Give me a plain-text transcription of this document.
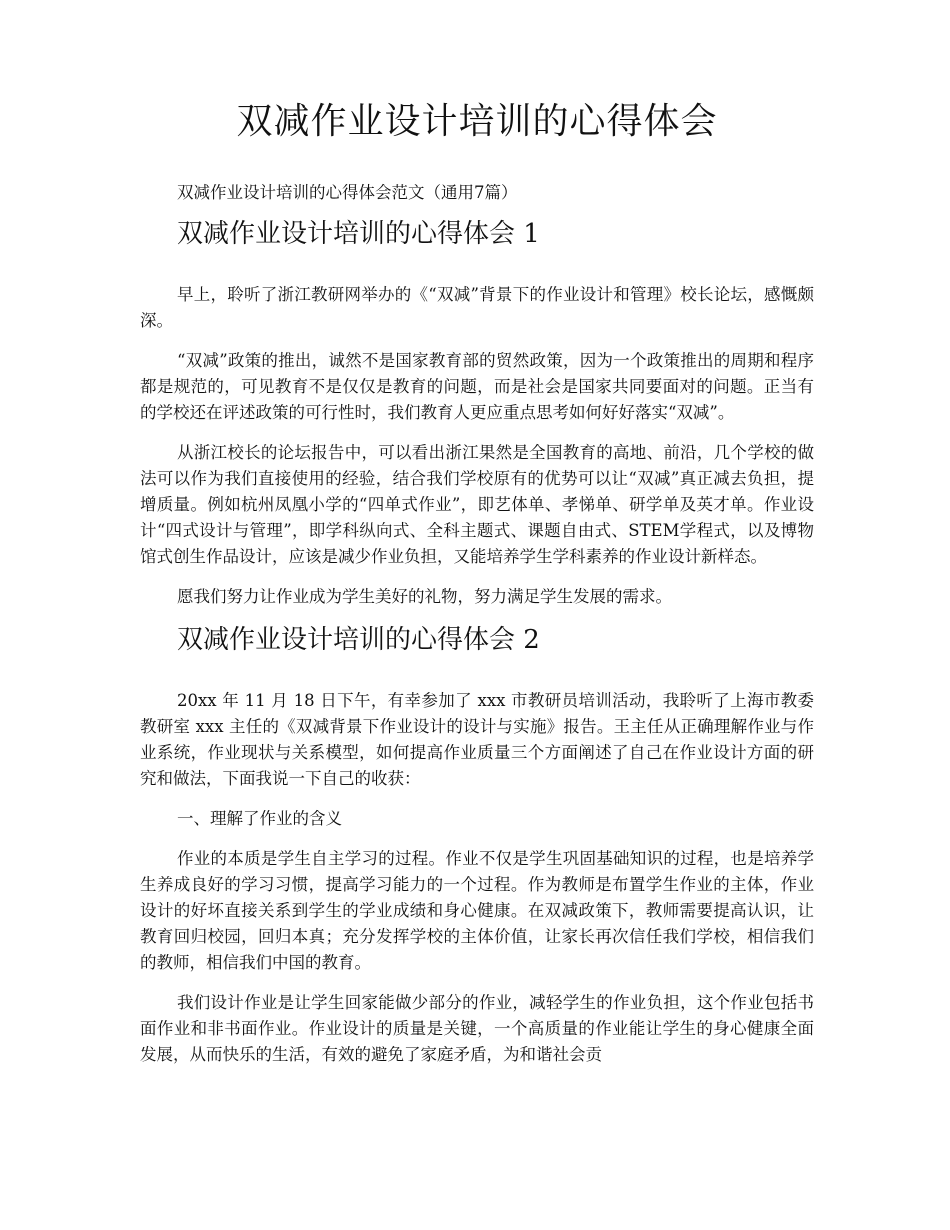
双减作业设计培训的心得体会

双减作业设计培训的心得体会范文（通用7篇）

双减作业设计培训的心得体会 1

早上，聆听了浙江教研网举办的《“双减”背景下的作业设计和管理》校长论坛，感慨颇深。

“双减”政策的推出，诚然不是国家教育部的贸然政策，因为一个政策推出的周期和程序都是规范的，可见教育不是仅仅是教育的问题，而是社会是国家共同要面对的问题。正当有的学校还在评述政策的可行性时，我们教育人更应重点思考如何好好落实“双减”。

从浙江校长的论坛报告中，可以看出浙江果然是全国教育的高地、前沿，几个学校的做法可以作为我们直接使用的经验，结合我们学校原有的优势可以让“双减”真正减去负担，提增质量。例如杭州凤凰小学的“四单式作业”，即艺体单、孝悌单、研学单及英才单。作业设计“四式设计与管理”，即学科纵向式、全科主题式、课题自由式、STEM学程式，以及博物馆式创生作品设计，应该是减少作业负担，又能培养学生学科素养的作业设计新样态。

愿我们努力让作业成为学生美好的礼物，努力满足学生发展的需求。

双减作业设计培训的心得体会 2

20xx 年 11 月 18 日下午，有幸参加了 xxx 市教研员培训活动，我聆听了上海市教委教研室 xxx 主任的《双减背景下作业设计的设计与实施》报告。王主任从正确理解作业与作业系统，作业现状与关系模型，如何提高作业质量三个方面阐述了自己在作业设计方面的研究和做法，下面我说一下自己的收获：

一、理解了作业的含义

作业的本质是学生自主学习的过程。作业不仅是学生巩固基础知识的过程，也是培养学生养成良好的学习习惯，提高学习能力的一个过程。作为教师是布置学生作业的主体，作业设计的好坏直接关系到学生的学业成绩和身心健康。在双减政策下，教师需要提高认识，让教育回归校园，回归本真；充分发挥学校的主体价值，让家长再次信任我们学校，相信我们的教师，相信我们中国的教育。

我们设计作业是让学生回家能做少部分的作业，减轻学生的作业负担，这个作业包括书面作业和非书面作业。作业设计的质量是关键，一个高质量的作业能让学生的身心健康全面发展，从而快乐的生活，有效的避免了家庭矛盾，为和谐社会贡
